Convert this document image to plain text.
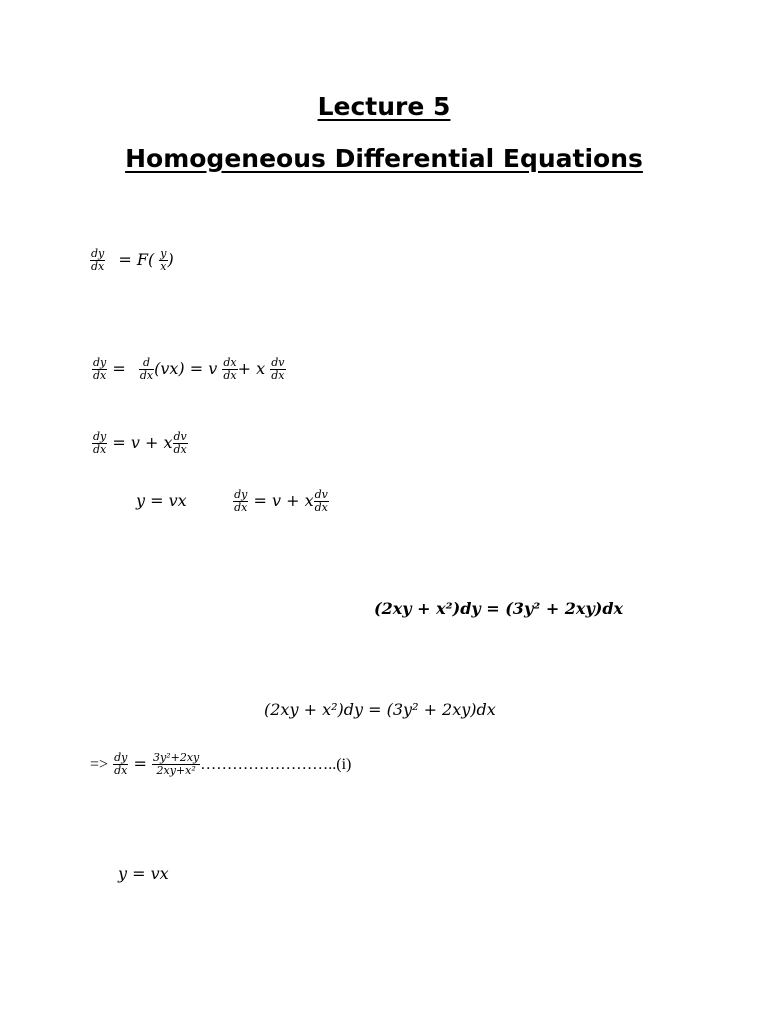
Lecture 5
Homogeneous Differential Equations
$\frac{dy}{dx} = F( \frac{y}{x}$ )
$\frac{dy}{dx} = \frac{d}{dx} (vx) = v \frac{dx}{dx} + x \frac{dv}{dx}$
$\frac{dy}{dx} = v + x \frac{dv}{dx}$
y = vx	$\frac{dy}{dx} = v + x \frac{dv}{dx}$
(2xy + x²)dy = (3y² + 2xy)dx
(2xy + x²)dy = (3y² + 2xy)dx
=> $\frac{dy}{dx} = \frac{\text{3y²+2xy}}{\text{2xy+x²}}$ ……………………..(i)
y = vx
